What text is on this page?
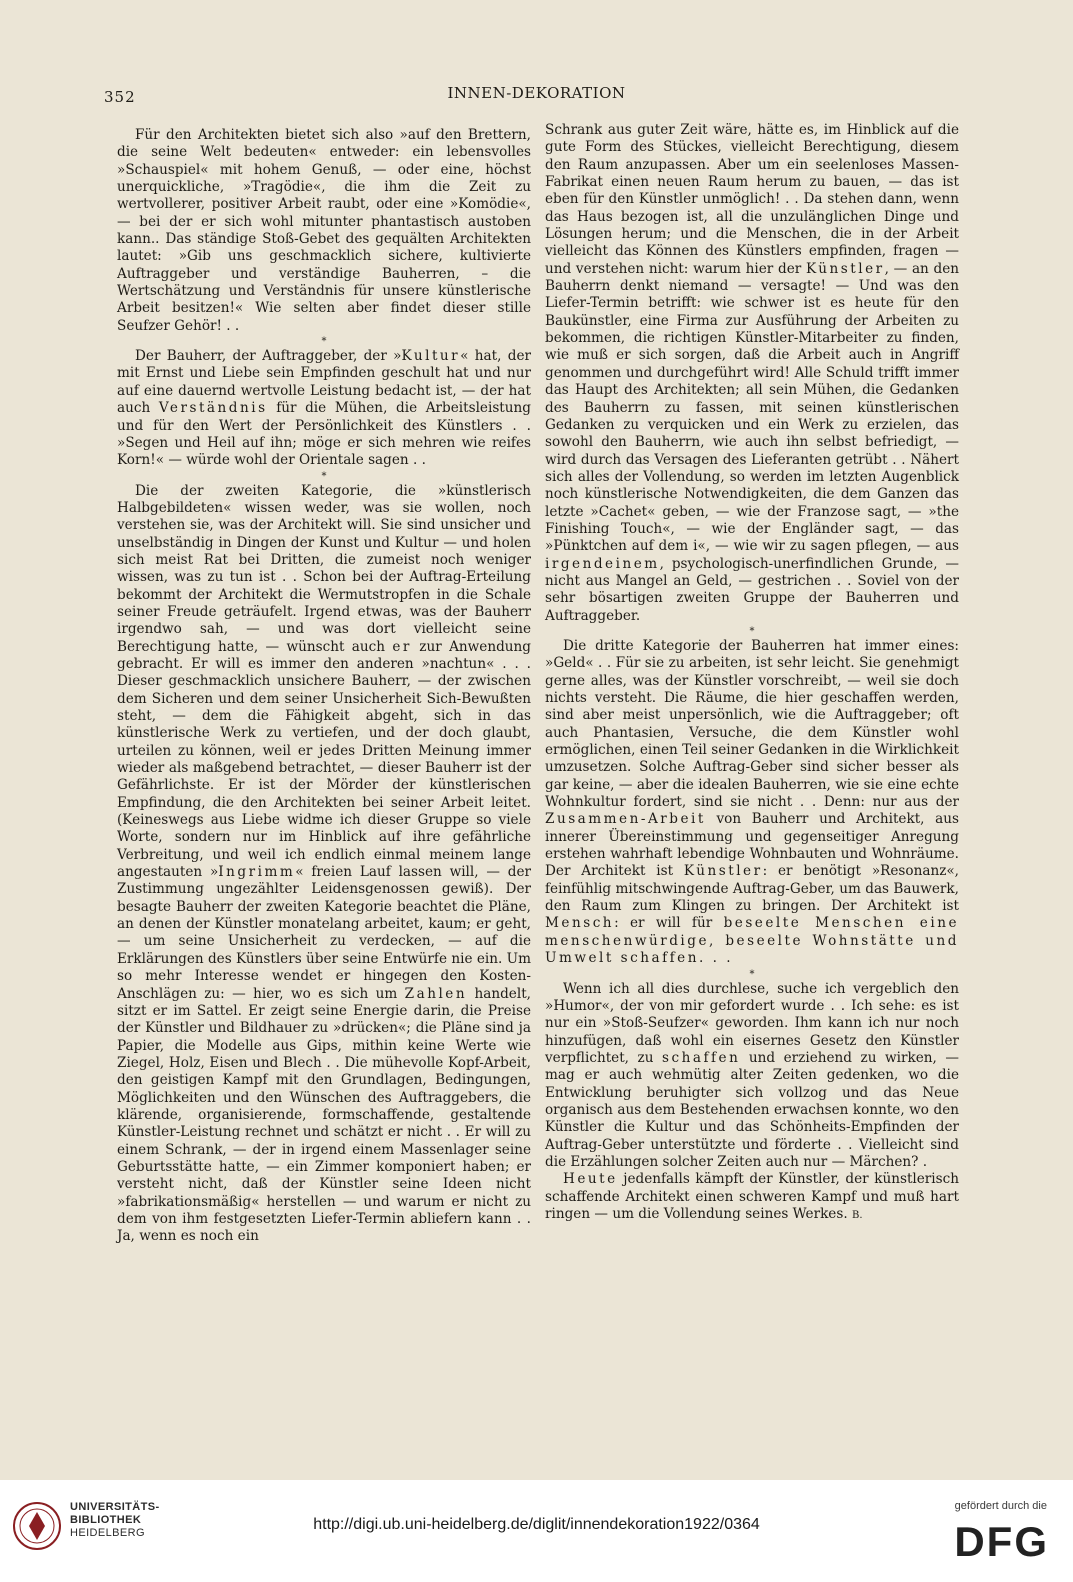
352	INNEN-DEKORATION

Für den Architekten bietet sich also »auf den Brettern, die seine Welt bedeuten« entweder: ein lebensvolles »Schauspiel« mit hohem Genuß, — oder eine, höchst unerquickliche, »Tragödie«, die ihm die Zeit zu wertvollerer, positiver Arbeit raubt, oder eine »Komödie«, — bei der er sich wohl mitunter phantastisch austoben kann.. Das ständige Stoß-Gebet des gequälten Architekten lautet: »Gib uns geschmacklich sichere, kultivierte Auftraggeber und verständige Bauherren, – die Wertschätzung und Verständnis für unsere künstlerische Arbeit besitzen!« Wie selten aber findet dieser stille Seufzer Gehör! . .

*

Der Bauherr, der Auftraggeber, der »Kultur« hat, der mit Ernst und Liebe sein Empfinden geschult hat und nur auf eine dauernd wertvolle Leistung bedacht ist, — der hat auch Verständnis für die Mühen, die Arbeitsleistung und für den Wert der Persönlichkeit des Künstlers . . »Segen und Heil auf ihn; möge er sich mehren wie reifes Korn!« — würde wohl der Orientale sagen . .

*

Die der zweiten Kategorie, die »künstlerisch Halbgebildeten« wissen weder, was sie wollen, noch verstehen sie, was der Architekt will. Sie sind unsicher und unselbständig in Dingen der Kunst und Kultur — und holen sich meist Rat bei Dritten, die zumeist noch weniger wissen, was zu tun ist . . Schon bei der Auftrag-Erteilung bekommt der Architekt die Wermutstropfen in die Schale seiner Freude geträufelt. Irgend etwas, was der Bauherr irgendwo sah, — und was dort vielleicht seine Berechtigung hatte, — wünscht auch er zur Anwendung gebracht. Er will es immer den anderen »nachtun« . . . Dieser geschmacklich unsichere Bauherr, — der zwischen dem Sicheren und dem seiner Unsicherheit Sich-Bewußten steht, — dem die Fähigkeit abgeht, sich in das künstlerische Werk zu vertiefen, und der doch glaubt, urteilen zu können, weil er jedes Dritten Meinung immer wieder als maßgebend betrachtet, — dieser Bauherr ist der Gefährlichste. Er ist der Mörder der künstlerischen Empfindung, die den Architekten bei seiner Arbeit leitet. (Keineswegs aus Liebe widme ich dieser Gruppe so viele Worte, sondern nur im Hinblick auf ihre gefährliche Verbreitung, und weil ich endlich einmal meinem lange angestauten »Ingrimm« freien Lauf lassen will, — der Zustimmung ungezählter Leidensgenossen gewiß). Der besagte Bauherr der zweiten Kategorie beachtet die Pläne, an denen der Künstler monatelang arbeitet, kaum; er geht, — um seine Unsicherheit zu verdecken, — auf die Erklärungen des Künstlers über seine Entwürfe nie ein. Um so mehr Interesse wendet er hingegen den Kosten-Anschlägen zu: — hier, wo es sich um Zahlen handelt, sitzt er im Sattel. Er zeigt seine Energie darin, die Preise der Künstler und Bildhauer zu »drücken«; die Pläne sind ja Papier, die Modelle aus Gips, mithin keine Werte wie Ziegel, Holz, Eisen und Blech . . Die mühevolle Kopf-Arbeit, den geistigen Kampf mit den Grundlagen, Bedingungen, Möglichkeiten und den Wünschen des Auftraggebers, die klärende, organisierende, formschaffende, gestaltende Künstler-Leistung rechnet und schätzt er nicht . . Er will zu einem Schrank, — der in irgend einem Massenlager seine Geburtsstätte hatte, — ein Zimmer komponiert haben; er versteht nicht, daß der Künstler seine Ideen nicht »fabrikationsmäßig« herstellen — und warum er nicht zu dem von ihm festgesetzten Liefer-Termin abliefern kann . . Ja, wenn es noch ein

Schrank aus guter Zeit wäre, hätte es, im Hinblick auf die gute Form des Stückes, vielleicht Berechtigung, diesem den Raum anzupassen. Aber um ein seelenloses Massen-Fabrikat einen neuen Raum herum zu bauen, — das ist eben für den Künstler unmöglich! . . Da stehen dann, wenn das Haus bezogen ist, all die unzulänglichen Dinge und Lösungen herum; und die Menschen, die in der Arbeit vielleicht das Können des Künstlers empfinden, fragen — und verstehen nicht: warum hier der Künstler, — an den Bauherrn denkt niemand — versagte! — Und was den Liefer-Termin betrifft: wie schwer ist es heute für den Baukünstler, eine Firma zur Ausführung der Arbeiten zu bekommen, die richtigen Künstler-Mitarbeiter zu finden, wie muß er sich sorgen, daß die Arbeit auch in Angriff genommen und durchgeführt wird! Alle Schuld trifft immer das Haupt des Architekten; all sein Mühen, die Gedanken des Bauherrn zu fassen, mit seinen künstlerischen Gedanken zu verquicken und ein Werk zu erzielen, das sowohl den Bauherrn, wie auch ihn selbst befriedigt, — wird durch das Versagen des Lieferanten getrübt . . Nähert sich alles der Vollendung, so werden im letzten Augenblick noch künstlerische Notwendigkeiten, die dem Ganzen das letzte »Cachet« geben, — wie der Franzose sagt, — »the Finishing Touch«, — wie der Engländer sagt, — das »Pünktchen auf dem i«, — wie wir zu sagen pflegen, — aus irgendeinem, psychologisch-unerfindlichen Grunde, — nicht aus Mangel an Geld, — gestrichen . . Soviel von der sehr bösartigen zweiten Gruppe der Bauherren und Auftraggeber.

*

Die dritte Kategorie der Bauherren hat immer eines: »Geld« . . Für sie zu arbeiten, ist sehr leicht. Sie genehmigt gerne alles, was der Künstler vorschreibt, — weil sie doch nichts versteht. Die Räume, die hier geschaffen werden, sind aber meist unpersönlich, wie die Auftraggeber; oft auch Phantasien, Versuche, die dem Künstler wohl ermöglichen, einen Teil seiner Gedanken in die Wirklichkeit umzusetzen. Solche Auftrag-Geber sind sicher besser als gar keine, — aber die idealen Bauherren, wie sie eine echte Wohnkultur fordert, sind sie nicht . . Denn: nur aus der Zusammen-Arbeit von Bauherr und Architekt, aus innerer Übereinstimmung und gegenseitiger Anregung erstehen wahrhaft lebendige Wohnbauten und Wohnräume. Der Architekt ist Künstler: er benötigt »Resonanz«, feinfühlig mitschwingende Auftrag-Geber, um das Bauwerk, den Raum zum Klingen zu bringen. Der Architekt ist Mensch: er will für beseelte Menschen eine menschenwürdige, beseelte Wohnstätte und Umwelt schaffen. . .

*

Wenn ich all dies durchlese, suche ich vergeblich den »Humor«, der von mir gefordert wurde . . Ich sehe: es ist nur ein »Stoß-Seufzer« geworden. Ihm kann ich nur noch hinzufügen, daß wohl ein eisernes Gesetz den Künstler verpflichtet, zu schaffen und erziehend zu wirken, — mag er auch wehmütig alter Zeiten gedenken, wo die Entwicklung beruhigter sich vollzog und das Neue organisch aus dem Bestehenden erwachsen konnte, wo den Künstler die Kultur und das Schönheits-Empfinden der Auftrag-Geber unterstützte und förderte . . Vielleicht sind die Erzählungen solcher Zeiten auch nur — Märchen? .

Heute jedenfalls kämpft der Künstler, der künstlerisch schaffende Architekt einen schweren Kampf und muß hart ringen — um die Vollendung seines Werkes. B.

UNIVERSITÄTS-
BIBLIOTHEK
HEIDELBERG	http://digi.ub.uni-heidelberg.de/diglit/innendekoration1922/0364
gefördert durch die
DFG
